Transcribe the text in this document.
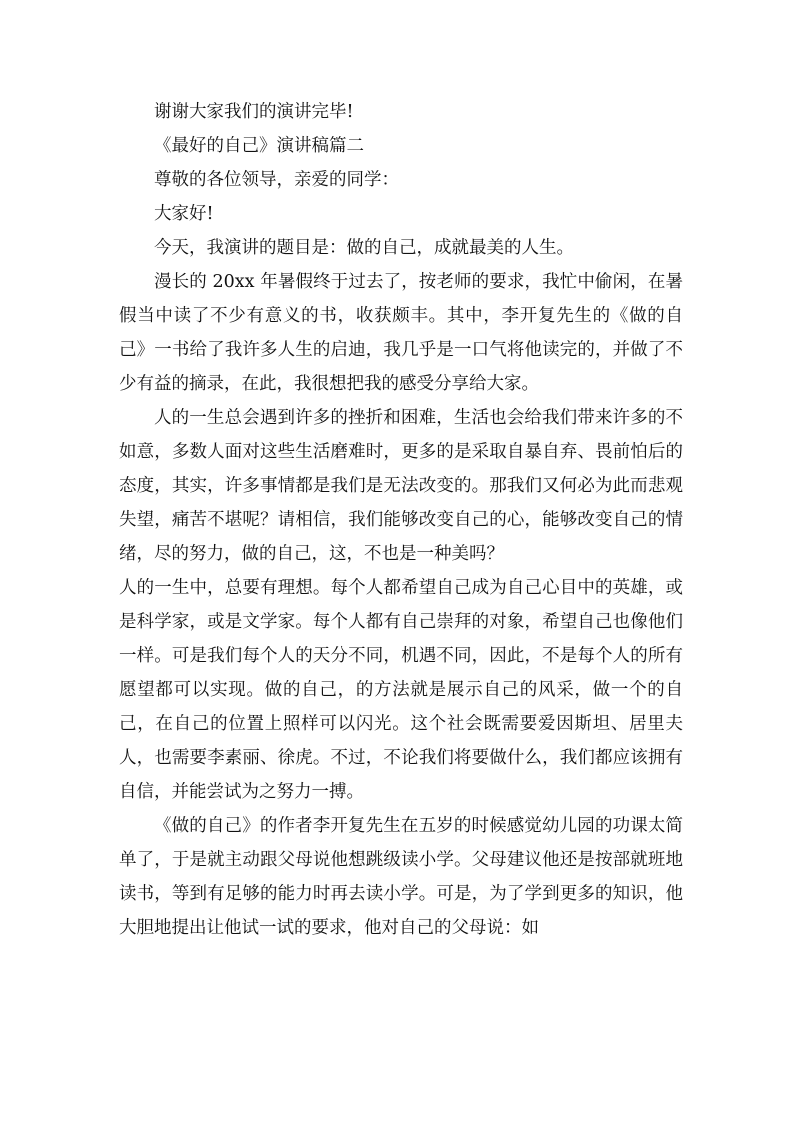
谢谢大家我们的演讲完毕!

《最好的自己》演讲稿篇二

尊敬的各位领导，亲爱的同学：

大家好!

今天，我演讲的题目是：做的自己，成就最美的人生。

漫长的 20xx 年暑假终于过去了，按老师的要求，我忙中偷闲，在暑假当中读了不少有意义的书，收获颇丰。其中，李开复先生的《做的自己》一书给了我许多人生的启迪，我几乎是一口气将他读完的，并做了不少有益的摘录，在此，我很想把我的感受分享给大家。

人的一生总会遇到许多的挫折和困难，生活也会给我们带来许多的不如意，多数人面对这些生活磨难时，更多的是采取自暴自弃、畏前怕后的态度，其实，许多事情都是我们是无法改变的。那我们又何必为此而悲观失望，痛苦不堪呢？请相信，我们能够改变自己的心，能够改变自己的情绪，尽的努力，做的自己，这，不也是一种美吗？

人的一生中，总要有理想。每个人都希望自己成为自己心目中的英雄，或是科学家，或是文学家。每个人都有自己崇拜的对象，希望自己也像他们一样。可是我们每个人的天分不同，机遇不同，因此，不是每个人的所有愿望都可以实现。做的自己，的方法就是展示自己的风采，做一个的自己，在自己的位置上照样可以闪光。这个社会既需要爱因斯坦、居里夫人，也需要李素丽、徐虎。不过，不论我们将要做什么，我们都应该拥有自信，并能尝试为之努力一搏。

《做的自己》的作者李开复先生在五岁的时候感觉幼儿园的功课太简单了，于是就主动跟父母说他想跳级读小学。父母建议他还是按部就班地读书，等到有足够的能力时再去读小学。可是，为了学到更多的知识，他大胆地提出让他试一试的要求，他对自己的父母说：如
